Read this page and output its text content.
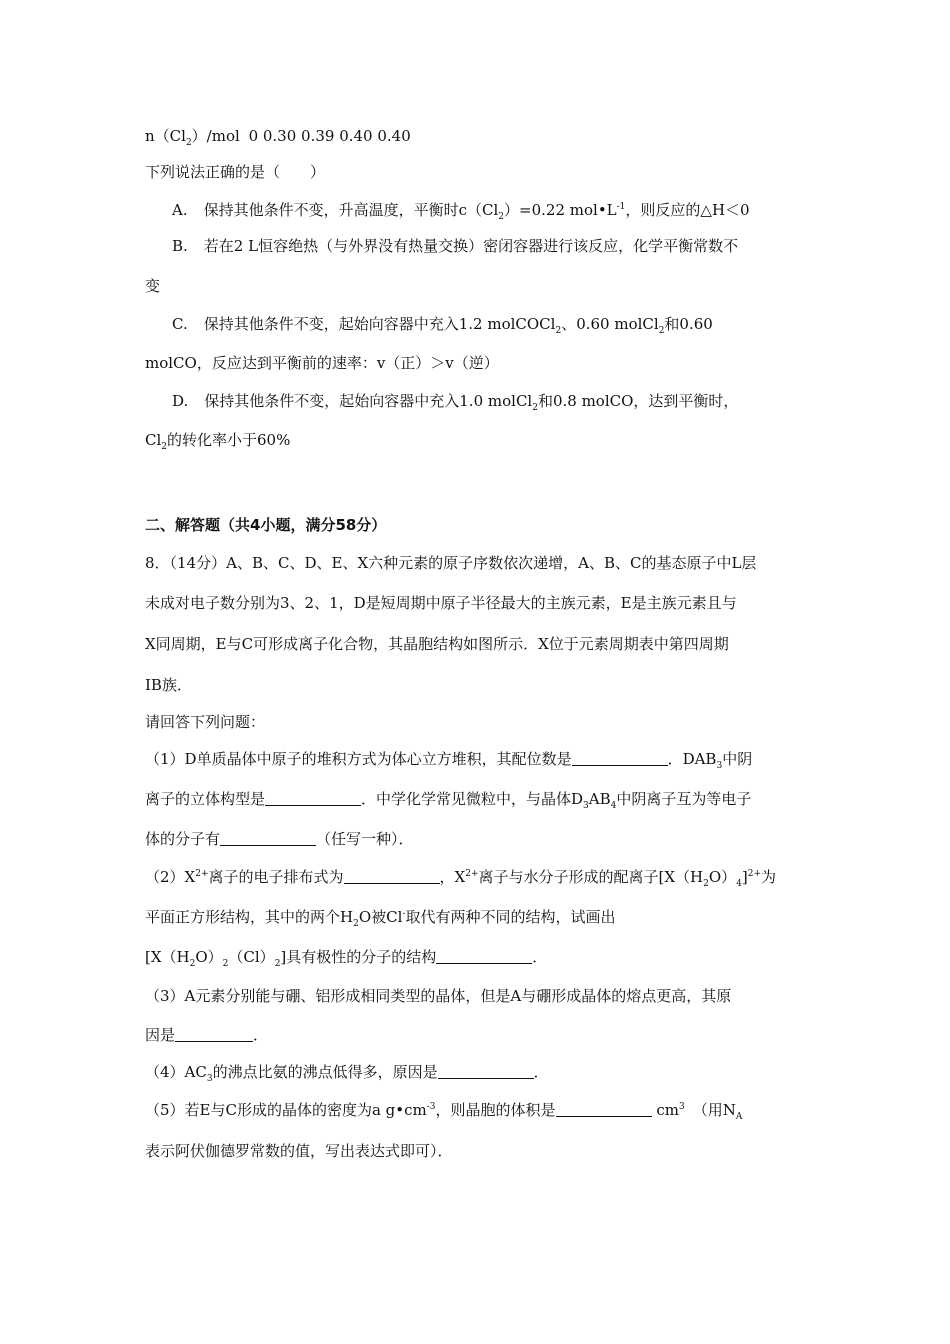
$n(Cl_2)$/mol 0 0.30 0.39 0.40 0.40
下列说法正确的是（　　）
A. 保持其他条件不变，升高温度，平衡时$c(Cl_2)=0.22$ $mol•L^{-1}$，则反应的△H＜0
B. 若在2 L恒容绝热（与外界没有热量交换）密闭容器进行该反应，化学平衡常数不
变
C. 保持其他条件不变，起始向容器中充入1.2 molCOCl$_2$、0.60 molCl$_2$和0.60
molCO，反应达到平衡前的速率：v（正）＞v（逆）
D. 保持其他条件不变，起始向容器中充入1.0 molCl$_2$和0.8 molCO，达到平衡时，
$Cl_2$的转化率小于60%
二、解答题（共4小题，满分58分）
8．（14分）A、B、C、D、E、X六种元素的原子序数依次递增，A、B、C的基态原子中L层
未成对电子数分别为3、2、1，D是短周期中原子半径最大的主族元素，E是主族元素且与
X同周期，E与C可形成离子化合物，其晶胞结构如图所示．X位于元素周期表中第四周期
ⅠB族．
请回答下列问题：
（1）D单质晶体中原子的堆积方式为体心立方堆积，其配位数是	．$DAB_3$中阴
离子的立体构型是	．中学化学常见微粒中，与晶体$D_3AB_4$中阴离子互为等电子
体的分子有	（任写一种）．
$(2)X^{2+}$离子的电子排布式为	，$X^{2+}$离子与水分子形成的配离子$[X(H_2O)_4]^{2+}$为
平面正方形结构，其中的两个$H_2O$被Cl-取代有两种不同的结构，试画出
$[X(H_2O)_2(Cl)_2]$具有极性的分子的结构	．
（3）A元素分别能与硼、铝形成相同类型的晶体，但是A与硼形成晶体的熔点更高，其原
因是	．
$(4)AC_3$的沸点比氨的沸点低得多，原因是	．
（5）若E与C形成的晶体的密度为a $g•cm^{-3}$，则晶胞的体积是	$cm^3$ （用$N_A$
表示阿伏伽德罗常数的值，写出表达式即可）．
